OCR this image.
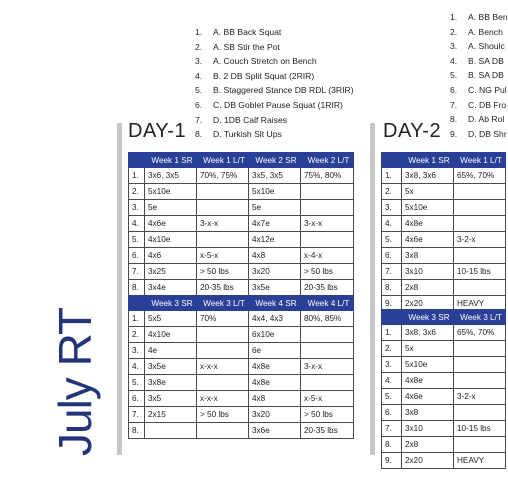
July RT
1. A. BB Back Squat
2. A. SB Stir the Pot
3. A. Couch Stretch on Bench
4. B. 2 DB Split Squat (2RIR)
5. B. Staggered Stance DB RDL (3RIR)
6. C. DB Goblet Pause Squat (1RIR)
7. D. 1DB Calf Raises
8. D. Turkish Slt Ups
DAY-1
	Week 1 SR	Week 1 L/T	Week 2 SR	Week 2 L/T
1.	3x6, 3x5	70%, 75%	3x5, 3x5	75%, 80%
2.	5x10e		5x10e	
3.	5e		5e	
4.	4x6e	3-x-x	4x7e	3-x-x
5.	4x10e		4x12e	
6.	4x6	x-5-x	4x8	x-4-x
7.	3x25	> 50 lbs	3x20	> 50 lbs
8.	3x4e	20-35 lbs	3x5e	20-35 lbs
	Week 3 SR	Week 3 L/T	Week 4 SR	Week 4 L/T
1.	5x5	70%	4x4, 4x3	80%, 85%
2.	4x10e		6x10e	
3.	4e		6e	
4.	3x5e	x-x-x	4x8e	3-x-x
5.	3x8e		4x8e	
6.	3x5	x-x-x	4x8	x-5-x
7.	2x15	> 50 lbs	3x20	> 50 lbs
8.			3x6e	20-35 lbs
1. A. BB Ben
2. A. Bench
3. A. Shoulc
4. B. SA DB
5. B. SA DB
6. C. NG Pul
7. C. DB Fro
8. D. Ab Rol
9. D. DB Shr
DAY-2
	Week 1 SR	Week 1 L/T
1.	3x8, 3x6	65%, 70%
2.	5x	
3.	5x10e	
4.	4x8e	
5.	4x6e	3-2-x
6.	3x8	
7.	3x10	10-15 lbs
8.	2x8	
9.	2x20	HEAVY
	Week 3 SR	Week 3 L/T
1.	3x8, 3x6	65%, 70%
2.	5x	
3.	5x10e	
4.	4x8e	
5.	4x6e	3-2-x
6.	3x8	
7.	3x10	10-15 lbs
8.	2x8	
9.	2x20	HEAVY
